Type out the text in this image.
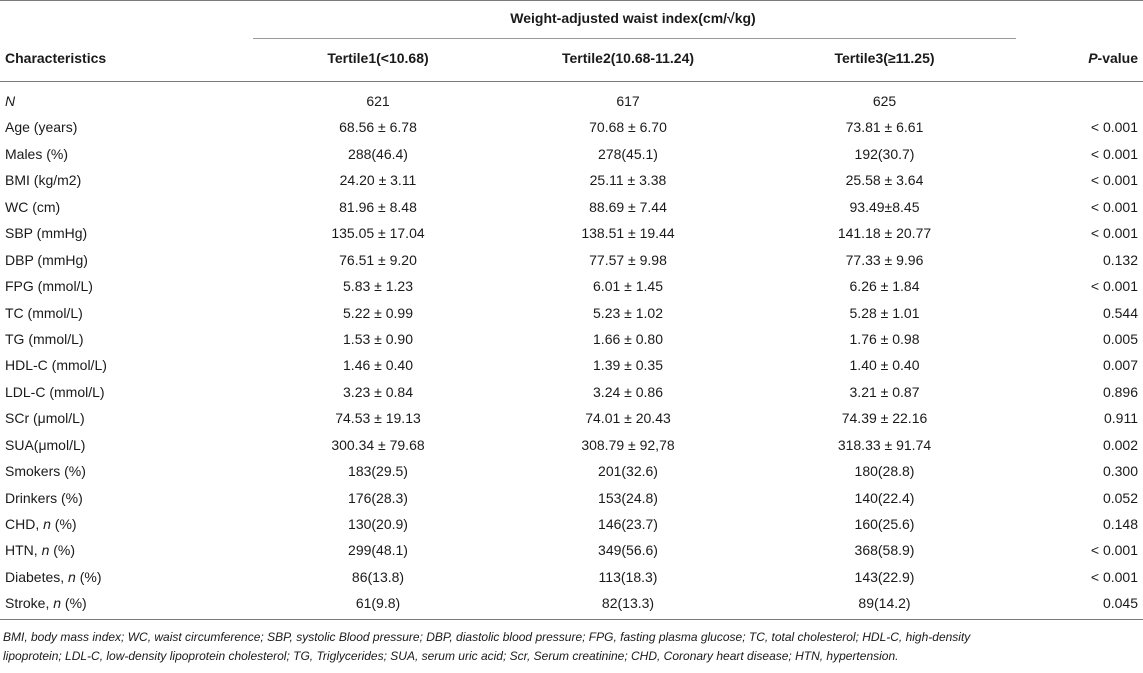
Weight-adjusted waist index(cm/√kg)
Characteristics	Tertile1(<10.68)	Tertile2(10.68-11.24)	Tertile3(≥11.25)	P-value
N	621	617	625
Age (years)	68.56 ± 6.78	70.68 ± 6.70	73.81 ± 6.61	< 0.001
Males (%)	288(46.4)	278(45.1)	192(30.7)	< 0.001
BMI (kg/m2)	24.20 ± 3.11	25.11 ± 3.38	25.58 ± 3.64	< 0.001
WC (cm)	81.96 ± 8.48	88.69 ± 7.44	93.49±8.45	< 0.001
SBP (mmHg)	135.05 ± 17.04	138.51 ± 19.44	141.18 ± 20.77	< 0.001
DBP (mmHg)	76.51 ± 9.20	77.57 ± 9.98	77.33 ± 9.96	0.132
FPG (mmol/L)	5.83 ± 1.23	6.01 ± 1.45	6.26 ± 1.84	< 0.001
TC (mmol/L)	5.22 ± 0.99	5.23 ± 1.02	5.28 ± 1.01	0.544
TG (mmol/L)	1.53 ± 0.90	1.66 ± 0.80	1.76 ± 0.98	0.005
HDL-C (mmol/L)	1.46 ± 0.40	1.39 ± 0.35	1.40 ± 0.40	0.007
LDL-C (mmol/L)	3.23 ± 0.84	3.24 ± 0.86	3.21 ± 0.87	0.896
SCr (μmol/L)	74.53 ± 19.13	74.01 ± 20.43	74.39 ± 22.16	0.911
SUA(μmol/L)	300.34 ± 79.68	308.79 ± 92,78	318.33 ± 91.74	0.002
Smokers (%)	183(29.5)	201(32.6)	180(28.8)	0.300
Drinkers (%)	176(28.3)	153(24.8)	140(22.4)	0.052
CHD, n (%)	130(20.9)	146(23.7)	160(25.6)	0.148
HTN, n (%)	299(48.1)	349(56.6)	368(58.9)	< 0.001
Diabetes, n (%)	86(13.8)	113(18.3)	143(22.9)	< 0.001
Stroke, n (%)	61(9.8)	82(13.3)	89(14.2)	0.045
BMI, body mass index; WC, waist circumference; SBP, systolic Blood pressure; DBP, diastolic blood pressure; FPG, fasting plasma glucose; TC, total cholesterol; HDL-C, high-density
lipoprotein; LDL-C, low-density lipoprotein cholesterol; TG, Triglycerides; SUA, serum uric acid; Scr, Serum creatinine; CHD, Coronary heart disease; HTN, hypertension.
